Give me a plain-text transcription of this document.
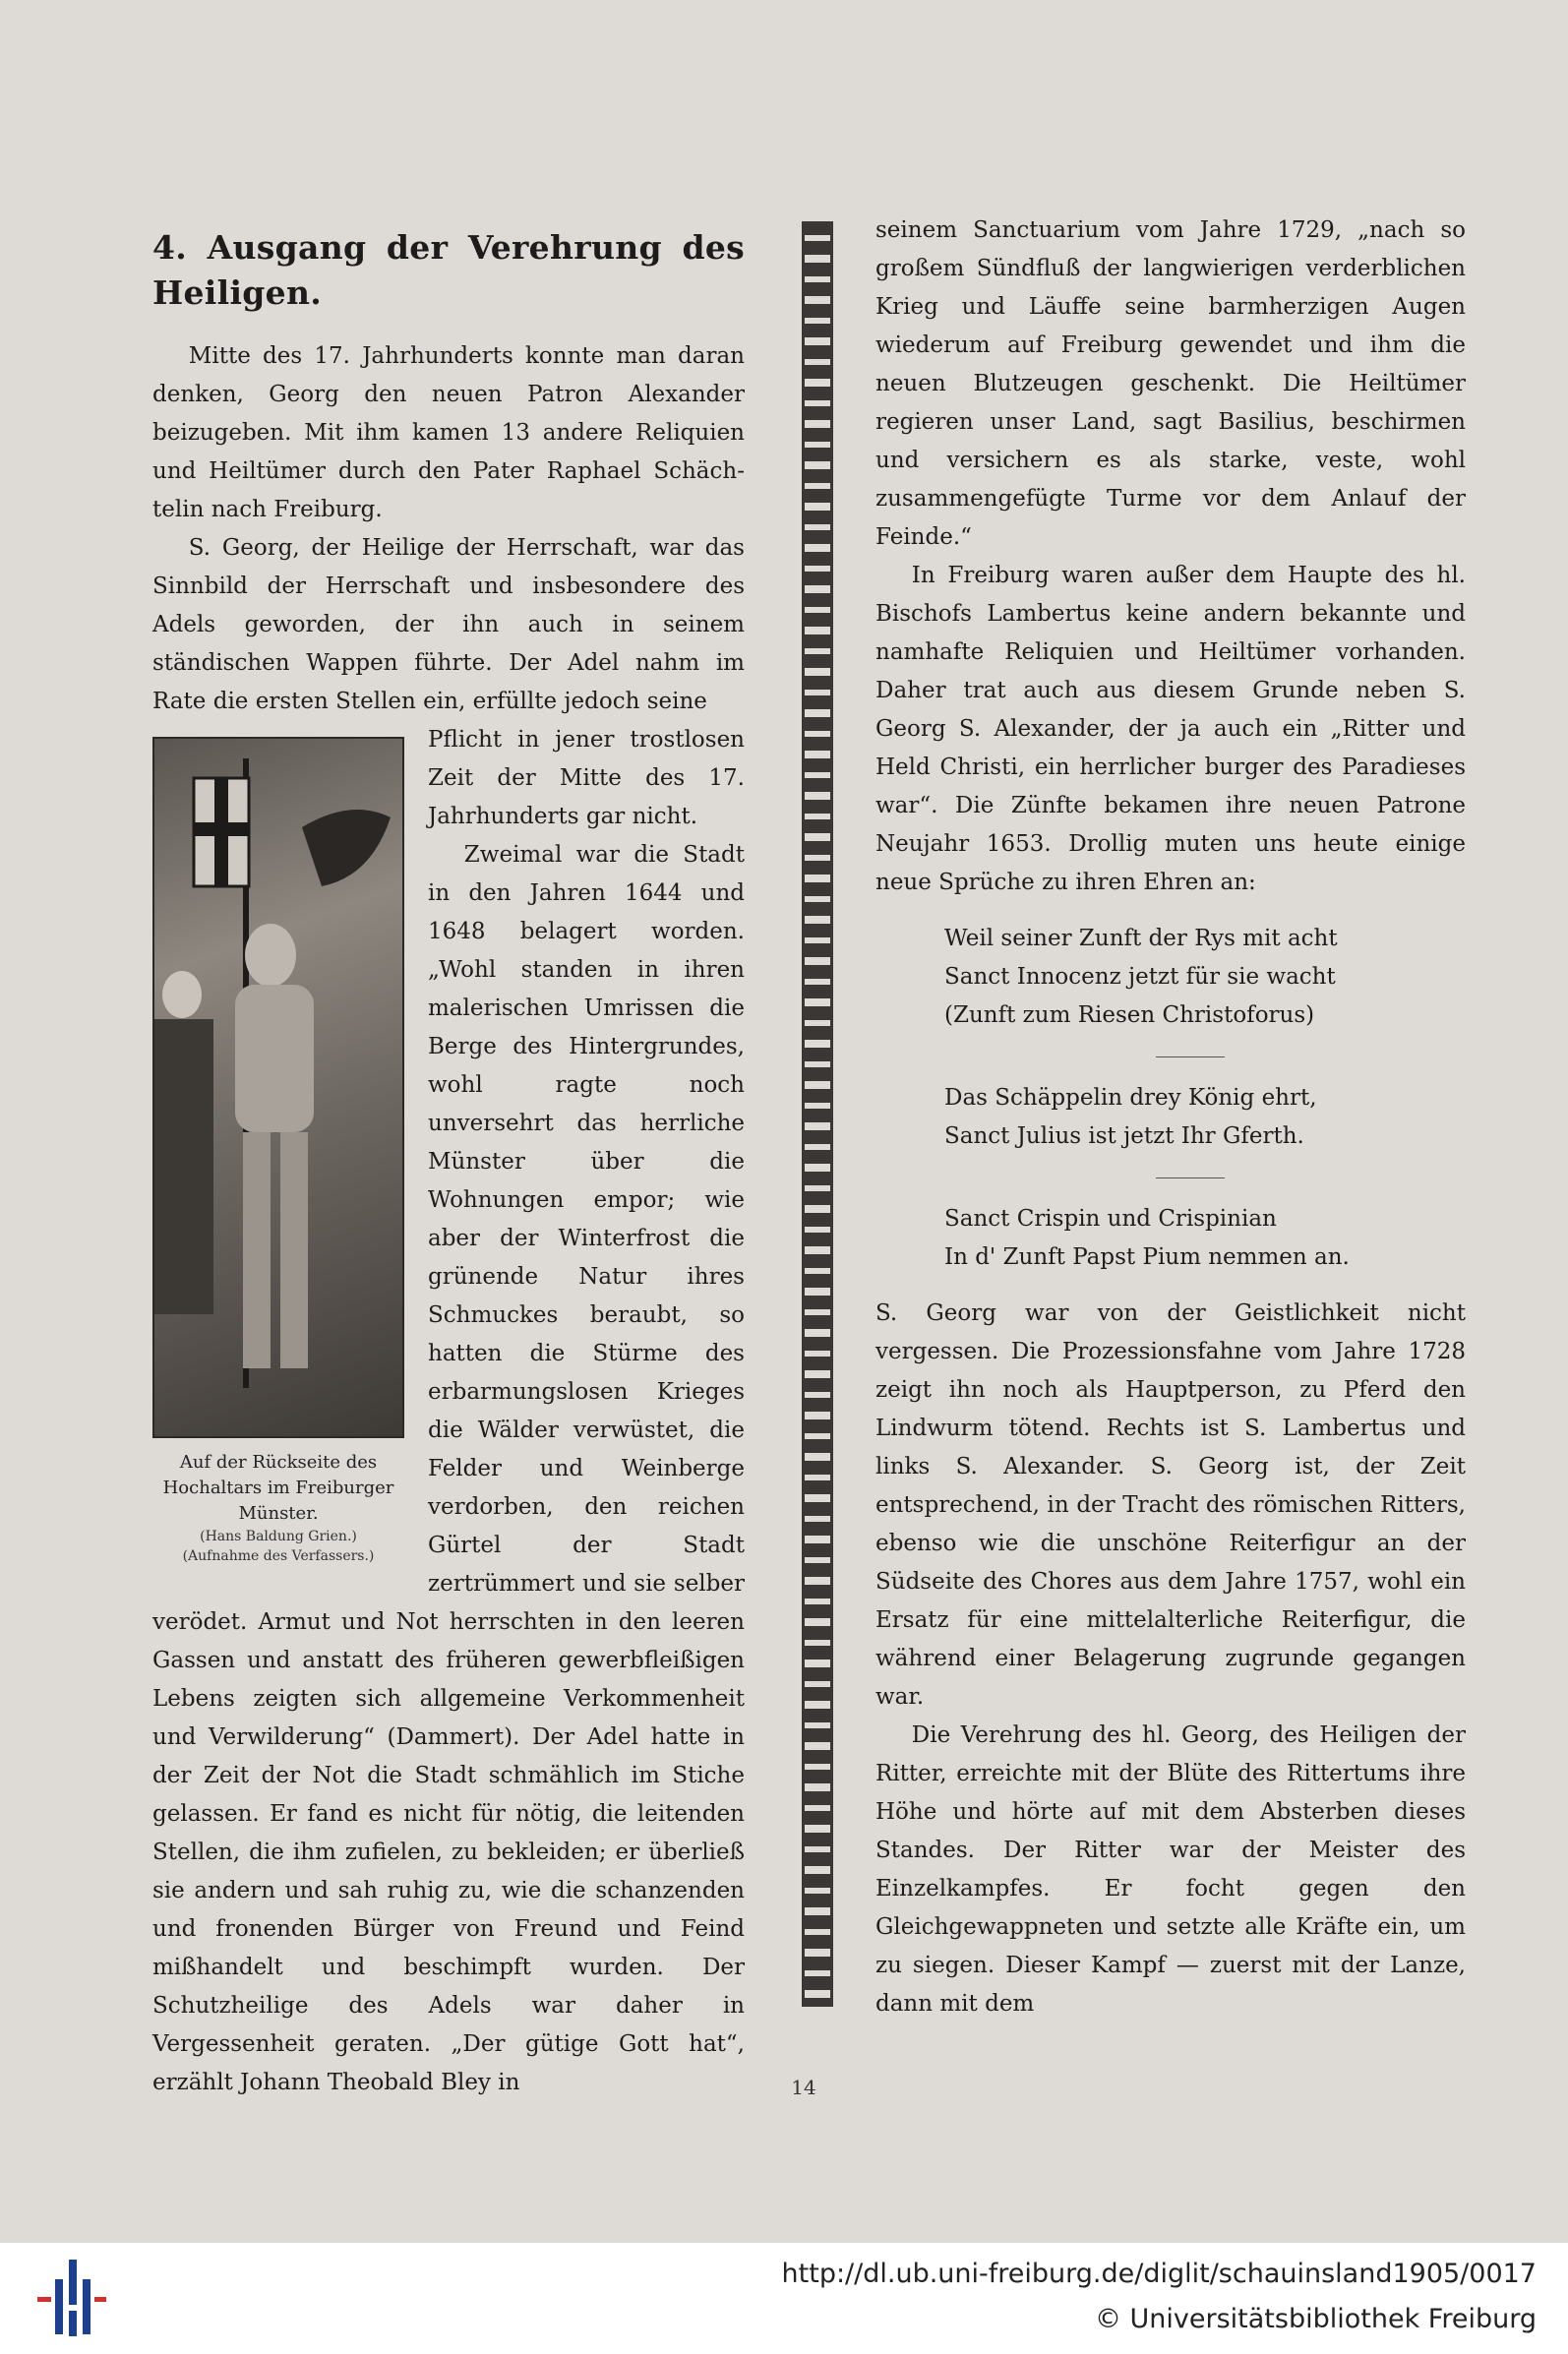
4. Ausgang der Verehrung des Heiligen.

Mitte des 17. Jahrhunderts konnte man daran denken, Georg den neuen Patron Alexander beizugeben. Mit ihm kamen 13 andere Reliquien und Heiltümer durch den Pater Raphael Schäch-telin nach Freiburg.

S. Georg, der Heilige der Herrschaft, war das Sinnbild der Herrschaft und insbesondere des Adels geworden, der ihn auch in seinem ständischen Wappen führte. Der Adel nahm im Rate die ersten Stellen ein, erfüllte jedoch seine

Auf der Rückseite des Hochaltars im Freiburger Münster.
(Hans Baldung Grien.)
(Aufnahme des Verfassers.)

Pflicht in jener trostlosen Zeit der Mitte des 17. Jahrhunderts gar nicht.

Zweimal war die Stadt in den Jahren 1644 und 1648 belagert worden. „Wohl standen in ihren malerischen Umrissen die Berge des Hintergrundes, wohl ragte noch unversehrt das herrliche Münster über die Wohnungen empor; wie aber der Winterfrost die grünende Natur ihres Schmuckes beraubt, so hatten die Stürme des erbarmungslosen Krieges die Wälder verwüstet, die Felder und Weinberge verdorben, den reichen Gürtel der Stadt zertrümmert und sie selber verödet. Armut und Not herrschten in den leeren Gassen und anstatt des früheren gewerbfleißigen Lebens zeigten sich allgemeine Verkommenheit und Verwilderung“ (Dammert). Der Adel hatte in der Zeit der Not die Stadt schmählich im Stiche gelassen. Er fand es nicht für nötig, die leitenden Stellen, die ihm zufielen, zu bekleiden; er überließ sie andern und sah ruhig zu, wie die schanzenden und fronenden Bürger von Freund und Feind mißhandelt und beschimpft wurden. Der Schutzheilige des Adels war daher in Vergessenheit geraten. „Der gütige Gott hat“, erzählt Johann Theobald Bley in

seinem Sanctuarium vom Jahre 1729, „nach so großem Sündfluß der langwierigen verderblichen Krieg und Läuffe seine barmherzigen Augen wiederum auf Freiburg gewendet und ihm die neuen Blutzeugen geschenkt. Die Heiltümer regieren unser Land, sagt Basilius, beschirmen und versichern es als starke, veste, wohl zusammengefügte Turme vor dem Anlauf der Feinde.“

In Freiburg waren außer dem Haupte des hl. Bischofs Lambertus keine andern bekannte und namhafte Reliquien und Heiltümer vorhanden. Daher trat auch aus diesem Grunde neben S. Georg S. Alexander, der ja auch ein „Ritter und Held Christi, ein herrlicher burger des Paradieses war“. Die Zünfte bekamen ihre neuen Patrone Neujahr 1653. Drollig muten uns heute einige neue Sprüche zu ihren Ehren an:

Weil seiner Zunft der Rys mit acht
Sanct Innocenz jetzt für sie wacht
(Zunft zum Riesen Christoforus)
Das Schäppelin drey König ehrt,
Sanct Julius ist jetzt Ihr Gferth.
Sanct Crispin und Crispinian
In d' Zunft Papst Pium nemmen an.

S. Georg war von der Geistlichkeit nicht vergessen. Die Prozessionsfahne vom Jahre 1728 zeigt ihn noch als Hauptperson, zu Pferd den Lindwurm tötend. Rechts ist S. Lambertus und links S. Alexander. S. Georg ist, der Zeit entsprechend, in der Tracht des römischen Ritters, ebenso wie die unschöne Reiterfigur an der Südseite des Chores aus dem Jahre 1757, wohl ein Ersatz für eine mittelalterliche Reiterfigur, die während einer Belagerung zugrunde gegangen war.

Die Verehrung des hl. Georg, des Heiligen der Ritter, erreichte mit der Blüte des Rittertums ihre Höhe und hörte auf mit dem Absterben dieses Standes. Der Ritter war der Meister des Einzelkampfes. Er focht gegen den Gleichgewappneten und setzte alle Kräfte ein, um zu siegen. Dieser Kampf — zuerst mit der Lanze, dann mit dem

14
http://dl.ub.uni-freiburg.de/diglit/schauinsland1905/0017
© Universitätsbibliothek Freiburg
